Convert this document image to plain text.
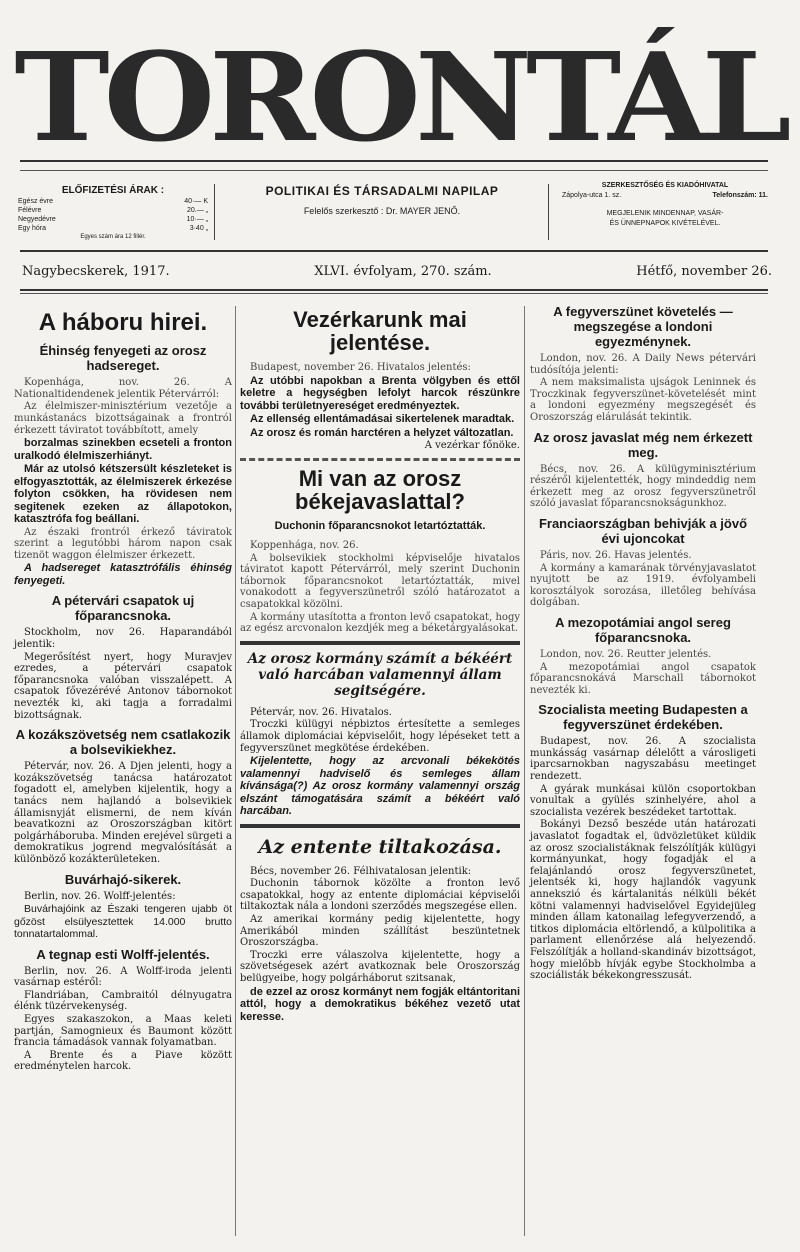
TORONTÁL
ELŐFIZETÉSI ÁRAK :
Egész évre	40·— K
Félévre	20.— „
Negyedévre	10·— „
Egy hóra	3·40 „
Egyes szám ára 12 fillér.
POLITIKAI ÉS TÁRSADALMI NAPILAP
Felelős szerkesztő : Dr. MAYER JENŐ.
SZERKESZTŐSÉG ÉS KIADÓHIVATAL
Zápolya-utca 1. sz.	Telefonszám: 11.
MEGJELENIK MINDENNAP, VASÁR-
ÉS ÜNNEPNAPOK KIVÉTELÉVEL.
Nagybecskerek, 1917.	XLVI. évfolyam, 270. szám.	Hétfő, november 26.
A háboru hirei.
Éhinség fenyegeti az orosz hadsereget.

Kopenhága, nov. 26. A Nationaltidendenek jelentik Pétervárról:

Az élelmiszer-minisztérium vezetője a munkástanács bizottságainak a frontról érkezett táviratot továbbított, amely

borzalmas szinekben ecseteli a fronton uralkodó élelmiszerhiányt.

Már az utolsó kétszersült készleteket is elfogyasztották, az élelmiszerek érkezése folyton csökken, ha rövidesen nem segitenek ezeken az állapotokon, katasztrófa fog beállani.

Az északi frontról érkező táviratok szerint a legutóbbi három napon csak tizenöt waggon élelmiszer érkezett.

A hadsereget katasztrófális éhinség fenyegeti.

A pétervári csapatok uj főparancsnoka.

Stockholm, nov 26. Haparandából jelentik:

Megerősítést nyert, hogy Muravjev ezredes, a pétervári csapatok főparancsnoka valóban visszalépett. A csapatok fővezérévé Antonov tábornokot nevezték ki, aki tagja a forradalmi bizottságnak.

A kozákszövetség nem csatlakozik a bolsevikiekhez.

Pétervár, nov. 26. A Djen jelenti, hogy a kozákszövetség tanácsa határozatot fogadott el, amelyben kijelentik, hogy a tanács nem hajlandó a bolsevikiek államisnyját elismerni, de nem kíván beavatkozni az Oroszországban kitört polgárháboruba. Minden erejével sürgeti a demokratikus jogrend megvalósítását a különböző kozákterületeken.

Buvárhajó-sikerek.

Berlin, nov. 26. Wolff-jelentés:

Buvárhajóink az Északi tengeren ujabb öt gőzöst elsülyesztettek 14.000 brutto tonnatartalommal.

A tegnap esti Wolff-jelentés.

Berlin, nov. 26. A Wolff-iroda jelenti vasárnap estéről:

Flandriában, Cambraitól délnyugatra élénk tüzérvekenység.

Egyes szakaszokon, a Maas keleti partján, Samognieux és Baumont között francia támadások vannak folyamatban.

A Brente és a Piave között eredménytelen harcok.

Vezérkarunk mai jelentése.

Budapest, november 26. Hivatalos jelentés:

Az utóbbi napokban a Brenta völgyben és ettől keletre a hegységben lefolyt harcok részünkre további területnyereséget eredményeztek.

Az ellenség ellentámadásai sikertelenek maradtak.

Az orosz és román harctéren a helyzet változatlan.

A vezérkar főnöke.

Mi van az orosz békejavaslattal?
Duchonin főparancsnokot letartóztatták.

Koppenhága, nov. 26.

A bolsevikiek stockholmi képviselője hivatalos táviratot kapott Pétervárról, mely szerint Duchonin tábornok főparancsnokot letartóztatták, mivel vonakodott a fegyverszünetről szóló határozatot a csapatokkal közölni.

A kormány utasította a fronton levő csapatokat, hogy az egész arcvonalon kezdjék meg a béketárgyalásokat.

Az orosz kormány számít a békéért való harcában valamennyi állam segitségére.

Pétervár, nov. 26. Hivatalos.

Troczki külügyi népbiztos értesítette a semleges államok diplomáciai képviselőit, hogy lépéseket tett a fegyverszünet megkötése érdekében.

Kijelentette, hogy az arcvonali békekötés valamennyi hadviselő és semleges állam kívánsága(?) Az orosz kormány valamennyi ország elszánt támogatására számít a békéért való harcában.

Az entente tiltakozása.

Bécs, november 26. Félhivatalosan jelentik:

Duchonin tábornok közölte a fronton levő csapatokkal, hogy az entente diplomáciai képviselői tiltakoztak nála a londoni szerződés megszegése ellen.

Az amerikai kormány pedig kijelentette, hogy Amerikából minden szállítást beszüntetnek Oroszországba.

Troczki erre válaszolva kijelentette, hogy a szövetségesek azért avatkoznak bele Oroszország belügyeibe, hogy polgárháborut szitsanak,

de ezzel az orosz kormányt nem fogják eltántoritani attól, hogy a demokratikus békéhez vezető utat keresse.

A fegyverszünet követelés — megszegése a londoni egyezménynek.

London, nov. 26. A Daily News pétervári tudósítója jelenti:

A nem maksimalista ujságok Leninnek és Troczkinak fegyverszünet-követelését mint a londoni egyezmény megszegését és Oroszország elárulását tekintik.

Az orosz javaslat még nem érkezett meg.

Bécs, nov. 26. A külügyminisztérium részéről kijelentették, hogy mindeddig nem érkezett meg az orosz fegyverszünetről szóló javaslat főparancsnokságunkhoz.

Franciaországban behivják a jövő évi ujoncokat

Páris, nov. 26. Havas jelentés.

A kormány a kamarának törvényjavaslatot nyujtott be az 1919. évfolyambeli korosztályok sorozása, illetőleg behívása dolgában.

A mezopotámiai angol sereg főparancsnoka.

London, nov. 26. Reutter jelentés.

A mezopotámiai angol csapatok főparancsnokává Marschall tábornokot nevezték ki.

Szocialista meeting Budapesten a fegyverszünet érdekében.

Budapest, nov. 26. A szocialista munkásság vasárnap délelőtt a városligeti iparcsarnokban nagyszabásu meetinget rendezett.

A gyárak munkásai külön csoportokban vonultak a gyülés szinhelyére, ahol a szocialista vezérek beszédeket tartottak.

Bokányi Dezső beszéde után határozati javaslatot fogadtak el, üdvözletüket küldik az orosz szocialistáknak felszólítják külügyi kormányunkat, hogy fogadják el a felajánlandó orosz fegyverszünetet, jelentsék ki, hogy hajlandók vagyunk annekszió és kártalanitás nélküli békét kötni valamennyi hadviselővel Egyidejüleg minden állam katonailag lefegyverzendő, a titkos diplomácia eltörlendő, a külpolitika a parlament ellenőrzése alá helyezendő. Felszólítják a holland-skandináv bizottságot, hogy mielőbb hívják egybe Stockholmba a szociálisták békekongresszusát.
